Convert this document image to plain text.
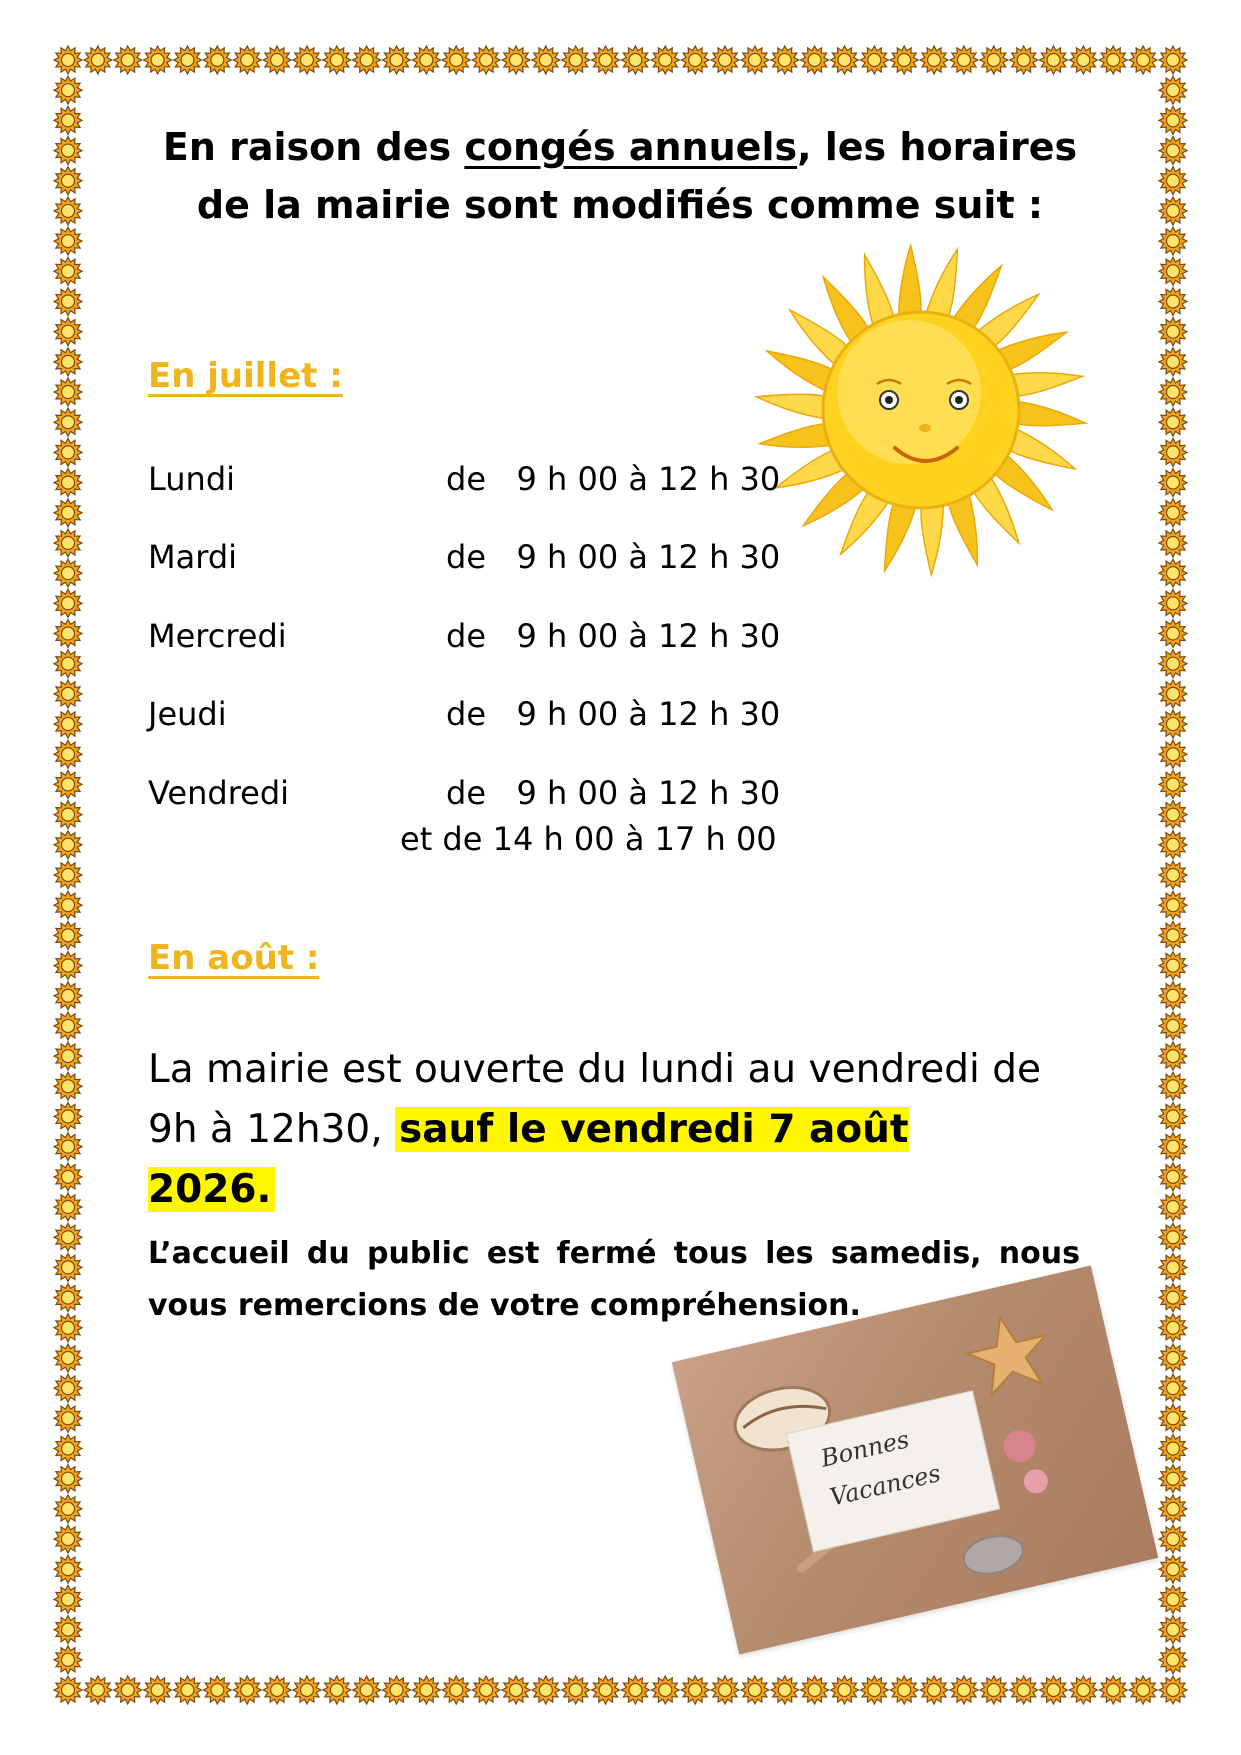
En raison des congés annuels, les horaires de la mairie sont modifiés comme suit :
En juillet :
Lundi	de   9 h 00 à 12 h 30
Mardi	de   9 h 00 à 12 h 30
Mercredi	de   9 h 00 à 12 h 30
Jeudi	de   9 h 00 à 12 h 30
Vendredi	de   9 h 00 à 12 h 30
et de 14 h 00 à 17 h 00
En août :
La mairie est ouverte du lundi au vendredi de 9h à 12h30, sauf le vendredi 7 août 2026.
L’accueil du public est fermé tous les samedis, nous vous remercions de votre compréhension.
Bonnes
Vacances
